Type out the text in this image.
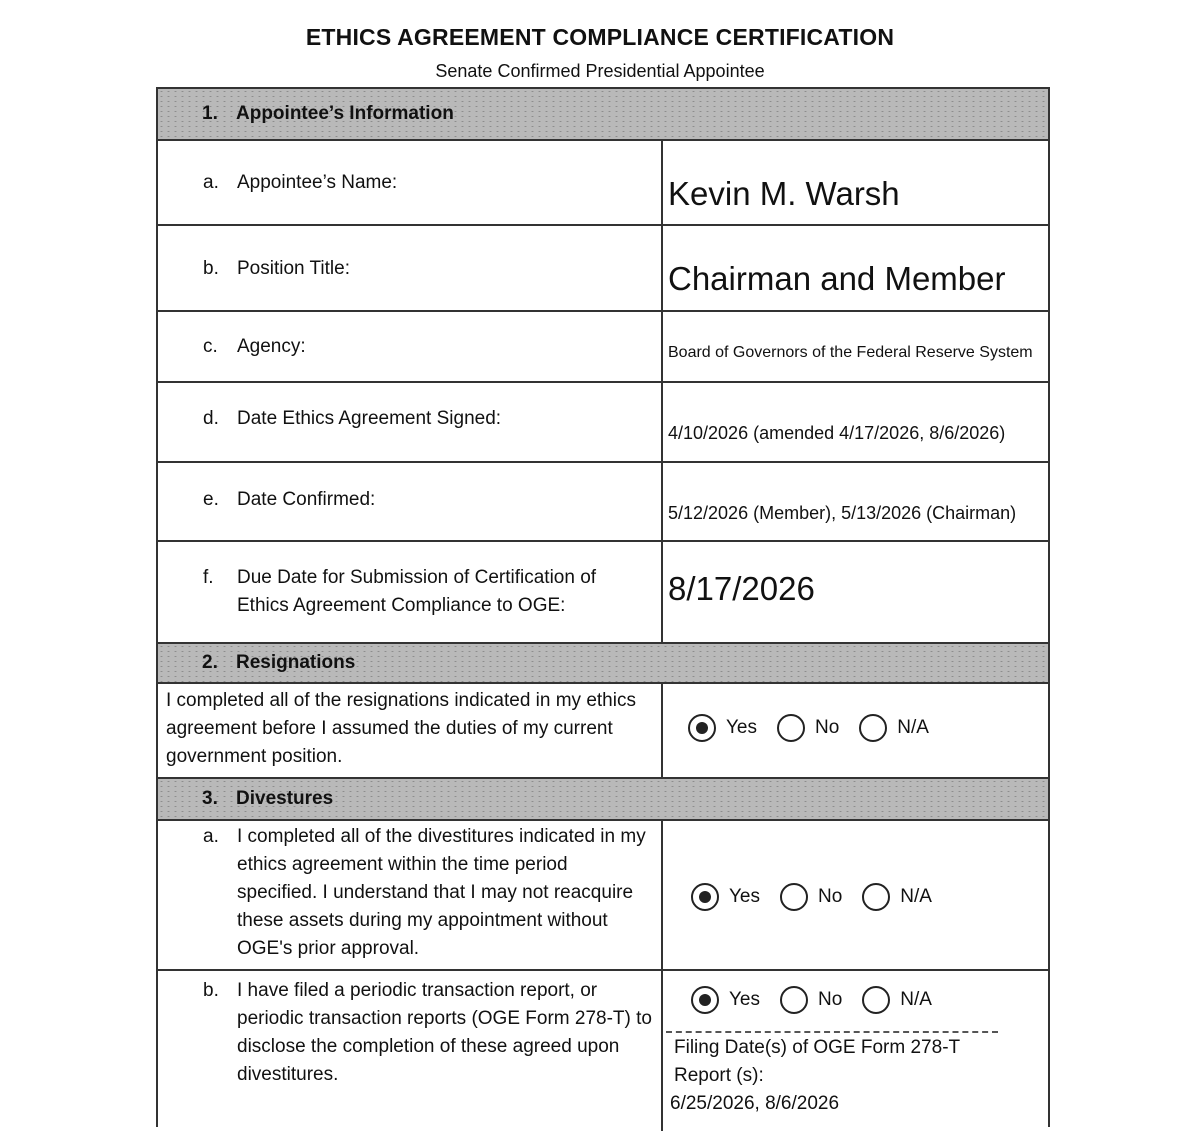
ETHICS AGREEMENT COMPLIANCE CERTIFICATION
Senate Confirmed Presidential Appointee
1. Appointee’s Information
a. Appointee’s Name:	Kevin M. Warsh
b. Position Title:	Chairman and Member
c.	Agency:	Board of Governors of the Federal Reserve System
d. Date Ethics Agreement Signed:
4/10/2026 (amended 4/17/2026, 8/6/2026)
e. Date Confirmed:
5/12/2026 (Member), 5/13/2026 (Chairman)
f.	Due Date for Submission of Certification of Ethics Agreement Compliance to OGE:	8/17/2026
2. Resignations
I completed all of the resignations indicated in my ethics agreement before I assumed the duties of my current government position.
Yes	No	N/A
3. Divestures
a. I completed all of the divestitures indicated in my ethics agreement within the time period specified. I understand that I may not reacquire these assets during my appointment without OGE's prior approval.
Yes	No	N/A
b. I have filed a periodic transaction report, or periodic transaction reports (OGE Form 278-T) to disclose the completion of these agreed upon divestitures.
Yes	No	N/A
Filing Date(s) of OGE Form 278-T Report (s):
6/25/2026, 8/6/2026
